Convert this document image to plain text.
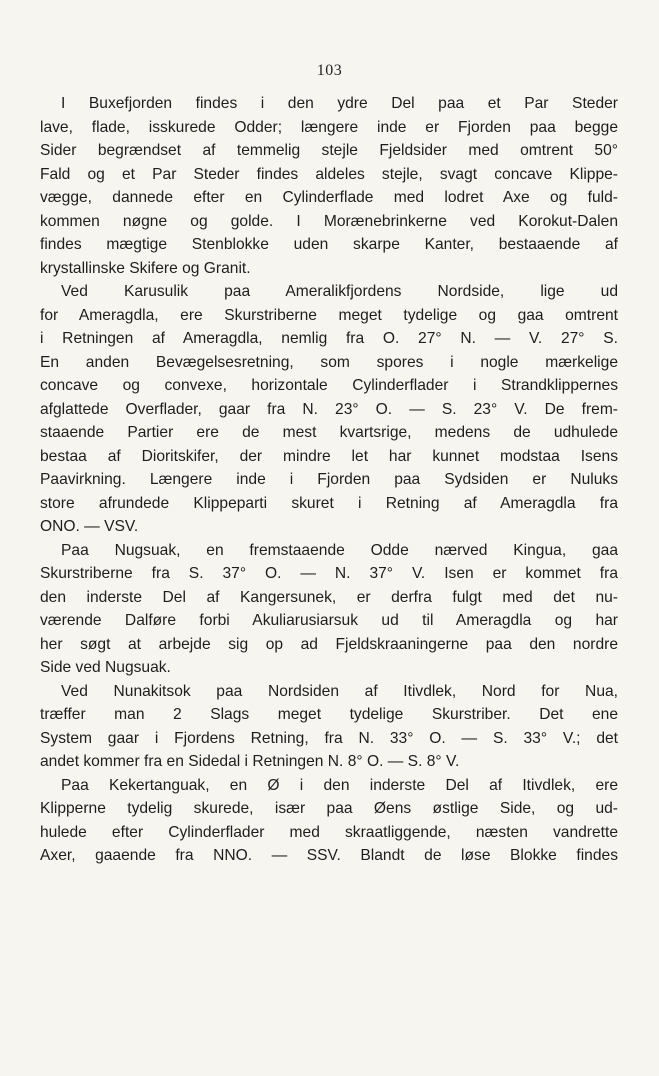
103
I Buxefjorden findes i den ydre Del paa et Par Steder
lave, flade, isskurede Odder; længere inde er Fjorden paa begge
Sider begrændset af temmelig stejle Fjeldsider med omtrent 50°
Fald og et Par Steder findes aldeles stejle, svagt concave Klippe-
vægge, dannede efter en Cylinderflade med lodret Axe og fuld-
kommen nøgne og golde. I Morænebrinkerne ved Korokut-Dalen
findes mægtige Stenblokke uden skarpe Kanter, bestaaende af
krystallinske Skifere og Granit.
Ved Karusulik paa Ameralikfjordens Nordside, lige ud
for Ameragdla, ere Skurstriberne meget tydelige og gaa omtrent
i Retningen af Ameragdla, nemlig fra O. 27° N. — V. 27° S.
En anden Bevægelsesretning, som spores i nogle mærkelige
concave og convexe, horizontale Cylinderflader i Strandklippernes
afglattede Overflader, gaar fra N. 23° O. — S. 23° V. De frem-
staaende Partier ere de mest kvartsrige, medens de udhulede
bestaa af Dioritskifer, der mindre let har kunnet modstaa Isens
Paavirkning. Længere inde i Fjorden paa Sydsiden er Nuluks
store afrundede Klippeparti skuret i Retning af Ameragdla fra
ONO. — VSV.
Paa Nugsuak, en fremstaaende Odde nærved Kingua, gaa
Skurstriberne fra S. 37° O. — N. 37° V. Isen er kommet fra
den inderste Del af Kangersunek, er derfra fulgt med det nu-
værende Dalføre forbi Akuliarusiarsuk ud til Ameragdla og har
her søgt at arbejde sig op ad Fjeldskraaningerne paa den nordre
Side ved Nugsuak.
Ved Nunakitsok paa Nordsiden af Itivdlek, Nord for Nua,
træffer man 2 Slags meget tydelige Skurstriber. Det ene
System gaar i Fjordens Retning, fra N. 33° O. — S. 33° V.; det
andet kommer fra en Sidedal i Retningen N. 8° O. — S. 8° V.
Paa Kekertanguak, en Ø i den inderste Del af Itivdlek, ere
Klipperne tydelig skurede, især paa Øens østlige Side, og ud-
hulede efter Cylinderflader med skraatliggende, næsten vandrette
Axer, gaaende fra NNO. — SSV. Blandt de løse Blokke findes
